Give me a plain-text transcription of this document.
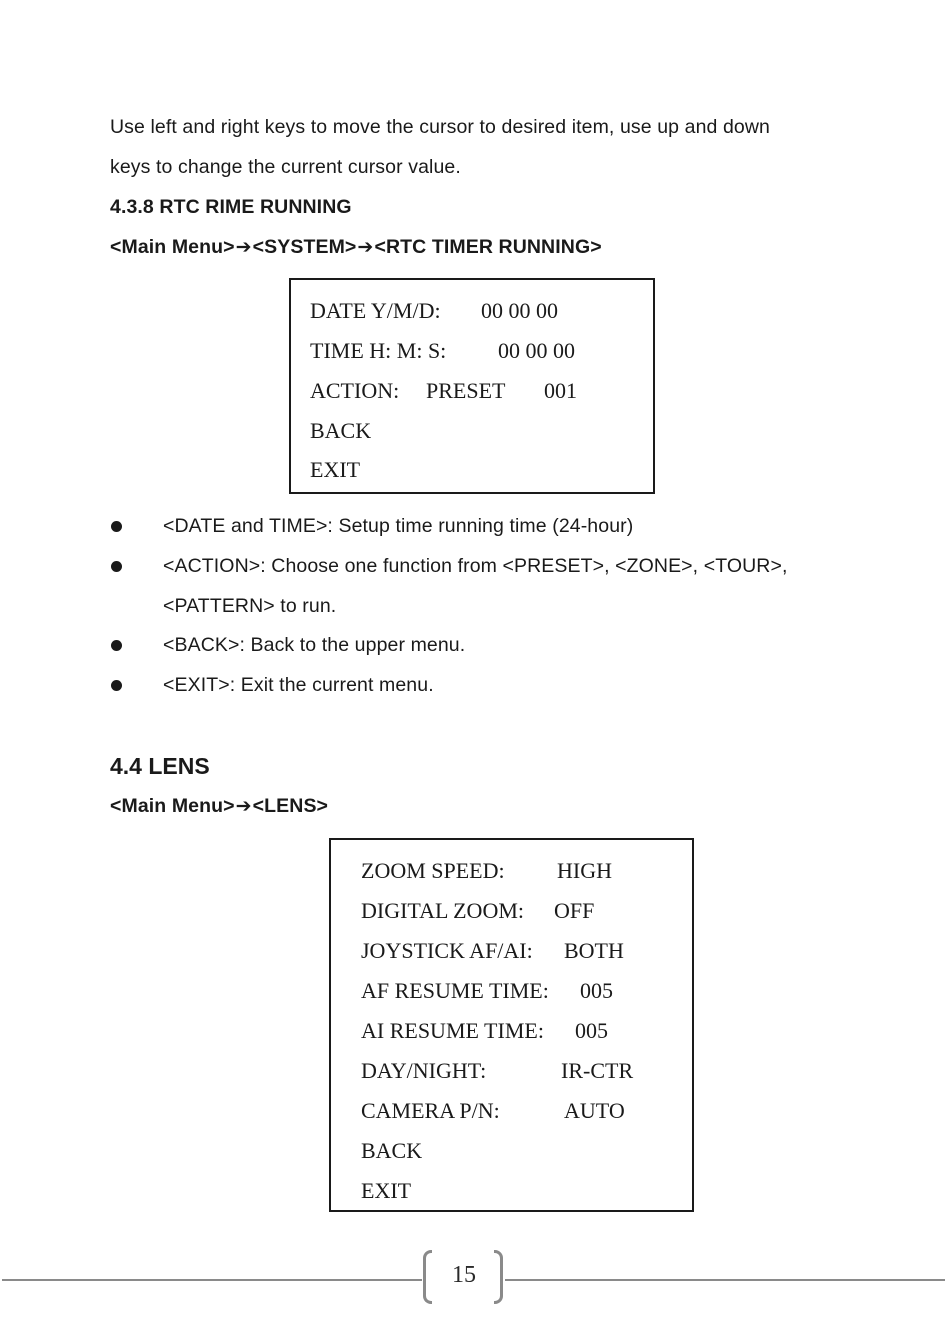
Use left and right keys to move the cursor to desired item, use up and down
keys to change the current cursor value.
4.3.8 RTC RIME RUNNING
<Main Menu>➔<SYSTEM>➔<RTC TIMER RUNNING>
DATE Y/M/D: 00 00 00
TIME H: M: S: 00 00 00
ACTION: PRESET 001
BACK
EXIT
<DATE and TIME>: Setup time running time (24-hour)
<ACTION>: Choose one function from <PRESET>, <ZONE>, <TOUR>,
<PATTERN> to run.
<BACK>: Back to the upper menu.
<EXIT>: Exit the current menu.
4.4 LENS
<Main Menu>➔<LENS>
ZOOM SPEED: HIGH
DIGITAL ZOOM: OFF
JOYSTICK AF/AI: BOTH
AF RESUME TIME: 005
AI RESUME TIME: 005
DAY/NIGHT:	IR-CTR
CAMERA P/N:	AUTO
BACK
EXIT
15
